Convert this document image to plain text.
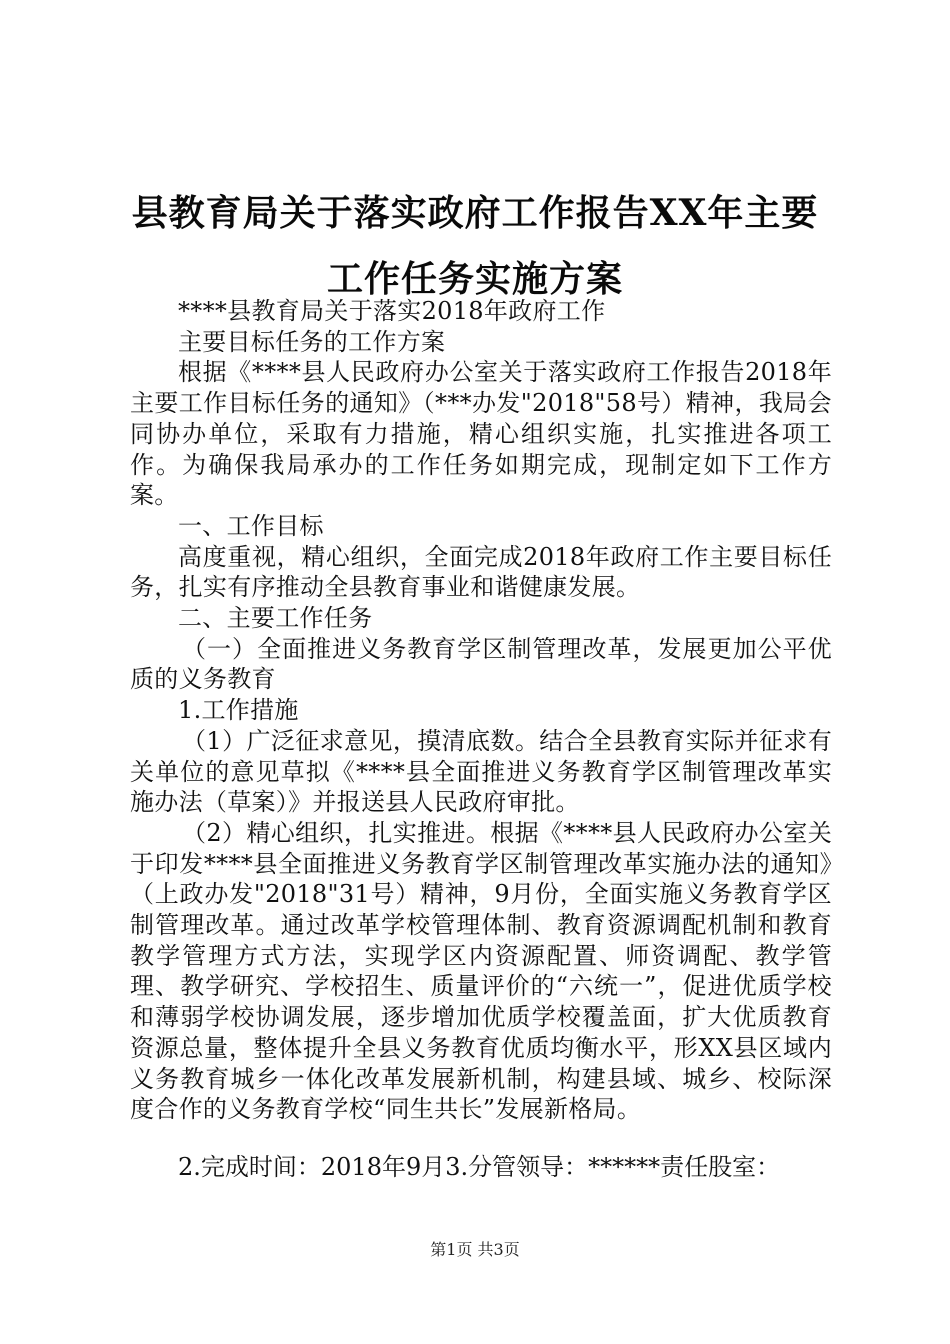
县教育局关于落实政府工作报告XX年主要工作任务实施方案

****县教育局关于落实2018年政府工作

主要目标任务的工作方案

根据《****县人民政府办公室关于落实政府工作报告2018年主要工作目标任务的通知》（***办发"2018"58号）精神，我局会同协办单位，采取有力措施，精心组织实施，扎实推进各项工作。为确保我局承办的工作任务如期完成，现制定如下工作方案。

一、工作目标

高度重视，精心组织，全面完成2018年政府工作主要目标任务，扎实有序推动全县教育事业和谐健康发展。

二、主要工作任务

（一）全面推进义务教育学区制管理改革，发展更加公平优质的义务教育

1.工作措施

（1）广泛征求意见，摸清底数。结合全县教育实际并征求有关单位的意见草拟《****县全面推进义务教育学区制管理改革实施办法（草案）》并报送县人民政府审批。

（2）精心组织，扎实推进。根据《****县人民政府办公室关于印发****县全面推进义务教育学区制管理改革实施办法的通知》（上政办发"2018"31号）精神，9月份，全面实施义务教育学区制管理改革。通过改革学校管理体制、教育资源调配机制和教育教学管理方式方法，实现学区内资源配置、师资调配、教学管理、教学研究、学校招生、质量评价的“六统一”，促进优质学校和薄弱学校协调发展，逐步增加优质学校覆盖面，扩大优质教育资源总量，整体提升全县义务教育优质均衡水平，形XX县区域内义务教育城乡一体化改革发展新机制，构建县域、城乡、校际深度合作的义务教育学校“同生共长”发展新格局。

2.完成时间：2018年9月3.分管领导：******责任股室：

第1页 共3页
